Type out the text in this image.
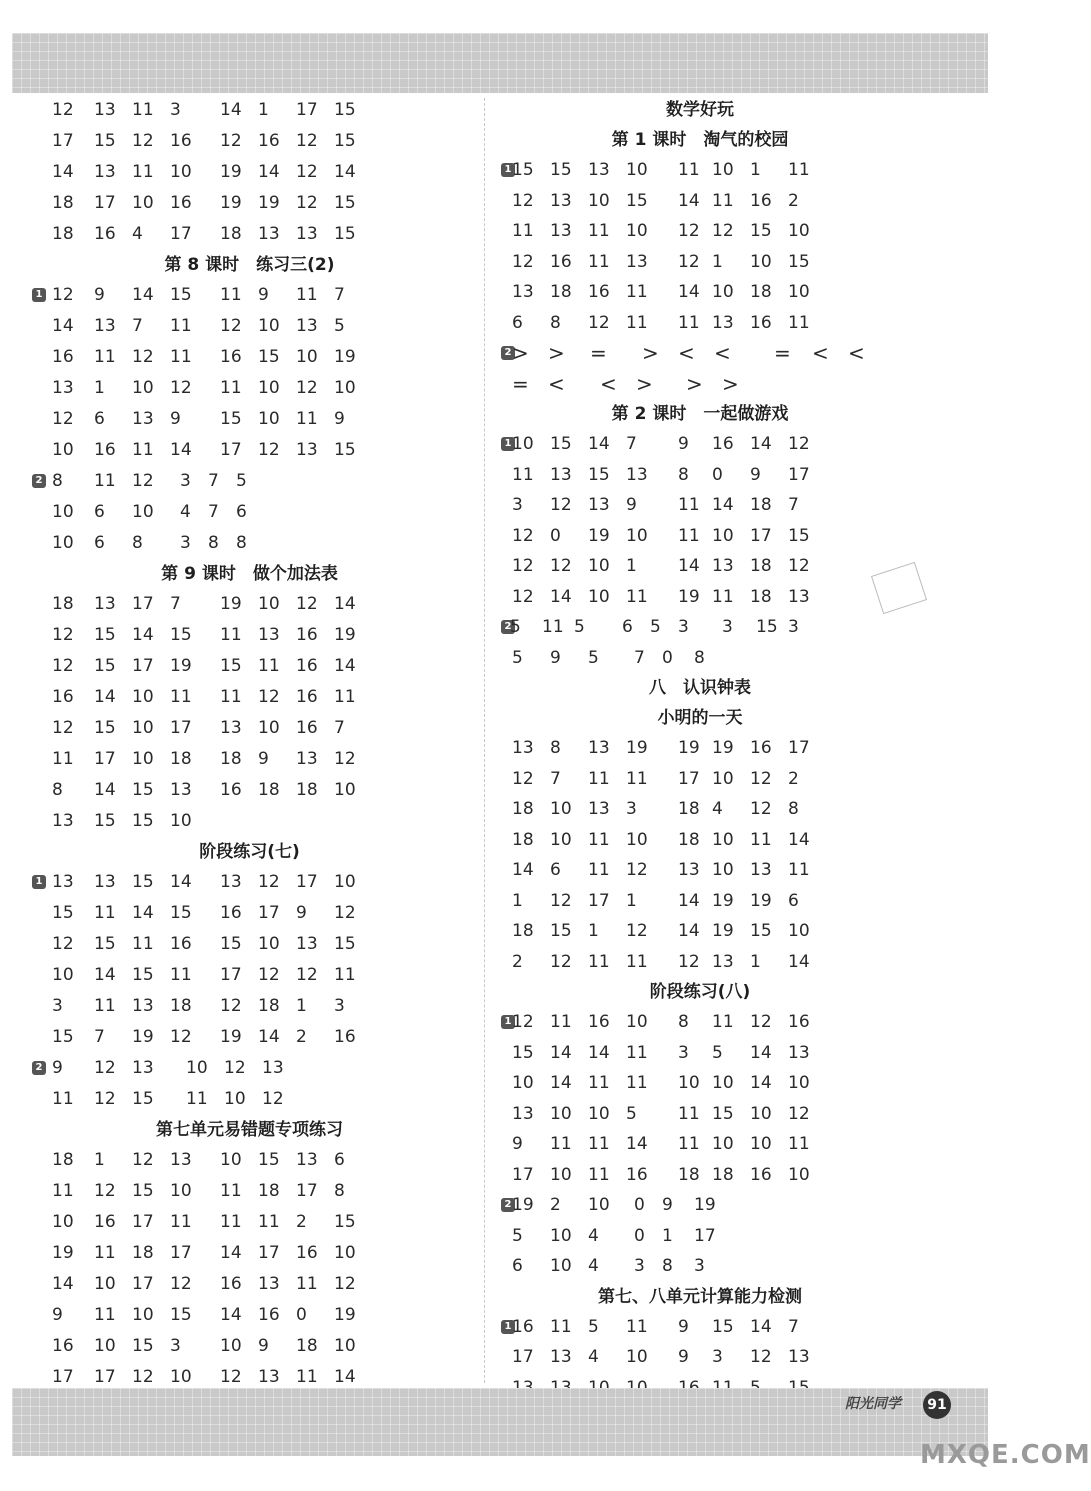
12 13 11 3 14 1 17 15
17 15 12 16 12 16 12 15
14 13 11 10 19 14 12 14
18 17 10 16 19 19 12 15
18 16 4 17 18 13 13 15
第 8 课时　练习三(2)
1 12 9 14 15 11 9 11 7
14 13 7 11 12 10 13 5
16 11 12 11 16 15 10 19
13 1 10 12 11 10 12 10
12 6 13 9 15 10 11 9
10 16 11 14 17 12 13 15
2 8 11 12 3 7 5
10 6 10 4 7 6
10 6 8 3 8 8
第 9 课时　做个加法表
18 13 17 7 19 10 12 14
12 15 14 15 11 13 16 19
12 15 17 19 15 11 16 14
16 14 10 11 11 12 16 11
12 15 10 17 13 10 16 7
11 17 10 18 18 9 13 12
8 14 15 13 16 18 18 10
13 15 15 10
阶段练习(七)
1 13 13 15 14 13 12 17 10
15 11 14 15 16 17 9 12
12 15 11 16 15 10 13 15
10 14 15 11 17 12 12 11
3 11 13 18 12 18 1 3
15 7 19 12 19 14 2 16
2 9 12 13 10 12 13
11 12 15 11 10 12
第七单元易错题专项练习
18 1 12 13 10 15 13 6
11 12 15 10 11 18 17 8
10 16 17 11 11 11 2 15
19 11 18 17 14 17 16 10
14 10 17 12 16 13 11 12
9 11 10 15 14 16 0 19
16 10 15 3 10 9 18 10
17 17 12 10 12 13 11 14
数学好玩
第 1 课时　淘气的校园
1 15 15 13 10 11 10 1 11
12 13 10 15 14 11 16 2
11 13 11 10 12 12 15 10
12 16 11 13 12 1 10 15
13 18 16 11 14 10 18 10
6 8 12 11 11 13 16 11
2 > > = > < < = < <
= < < > > >
第 2 课时　一起做游戏
1 10 15 14 7 9 16 14 12
11 13 15 13 8 0 9 17
3 12 13 9 11 14 18 7
12 0 19 10 11 10 17 15
12 12 10 1 14 13 18 12
12 14 10 11 19 11 18 13
2
5 11 5 6 5 3 3 15 3
5 9 5 7 0 8
八　认识钟表
小明的一天
13 8 13 19 19 19 16 17
12 7 11 11 17 10 12 2
18 10 13 3 18 4 12 8
18 10 11 10 18 10 11 14
14 6 11 12 13 10 13 11
1 12 17 1 14 19 19 6
18 15 1 12 14 19 15 10
2 12 11 11 12 13 1 14
阶段练习(八)
1 12 11 16 10 8 11 12 16
15 14 14 11 3 5 14 13
10 14 11 11 10 10 14 10
13 10 10 5 11 15 10 12
9 11 11 14 11 10 10 11
17 10 11 16 18 18 16 10
2 19 2 10 0 9 19
5 10 4 0 1 17
6 10 4 3 8 3
第七、八单元计算能力检测
1 16 11 5 11 9 15 14 7
17 13 4 10 9 3 12 13
阳光同学	91
MXQE.COM
